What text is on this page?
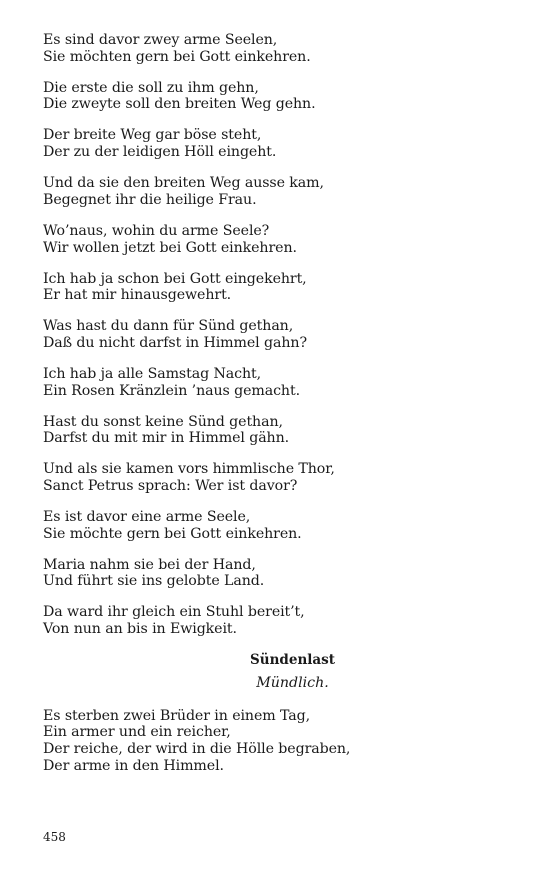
Es sind davor zwey arme Seelen,
Sie möchten gern bei Gott einkehren.
Die erste die soll zu ihm gehn,
Die zweyte soll den breiten Weg gehn.
Der breite Weg gar böse steht,
Der zu der leidigen Höll eingeht.
Und da sie den breiten Weg ausse kam,
Begegnet ihr die heilige Frau.
Wo’naus, wohin du arme Seele?
Wir wollen jetzt bei Gott einkehren.
Ich hab ja schon bei Gott eingekehrt,
Er hat mir hinausgewehrt.
Was hast du dann für Sünd gethan,
Daß du nicht darfst in Himmel gahn?
Ich hab ja alle Samstag Nacht,
Ein Rosen Kränzlein ’naus gemacht.
Hast du sonst keine Sünd gethan,
Darfst du mit mir in Himmel gähn.
Und als sie kamen vors himmlische Thor,
Sanct Petrus sprach: Wer ist davor?
Es ist davor eine arme Seele,
Sie möchte gern bei Gott einkehren.
Maria nahm sie bei der Hand,
Und führt sie ins gelobte Land.
Da ward ihr gleich ein Stuhl bereit’t,
Von nun an bis in Ewigkeit.
Sündenlast
Mündlich.
Es sterben zwei Brüder in einem Tag,
Ein armer und ein reicher,
Der reiche, der wird in die Hölle begraben,
Der arme in den Himmel.
458
